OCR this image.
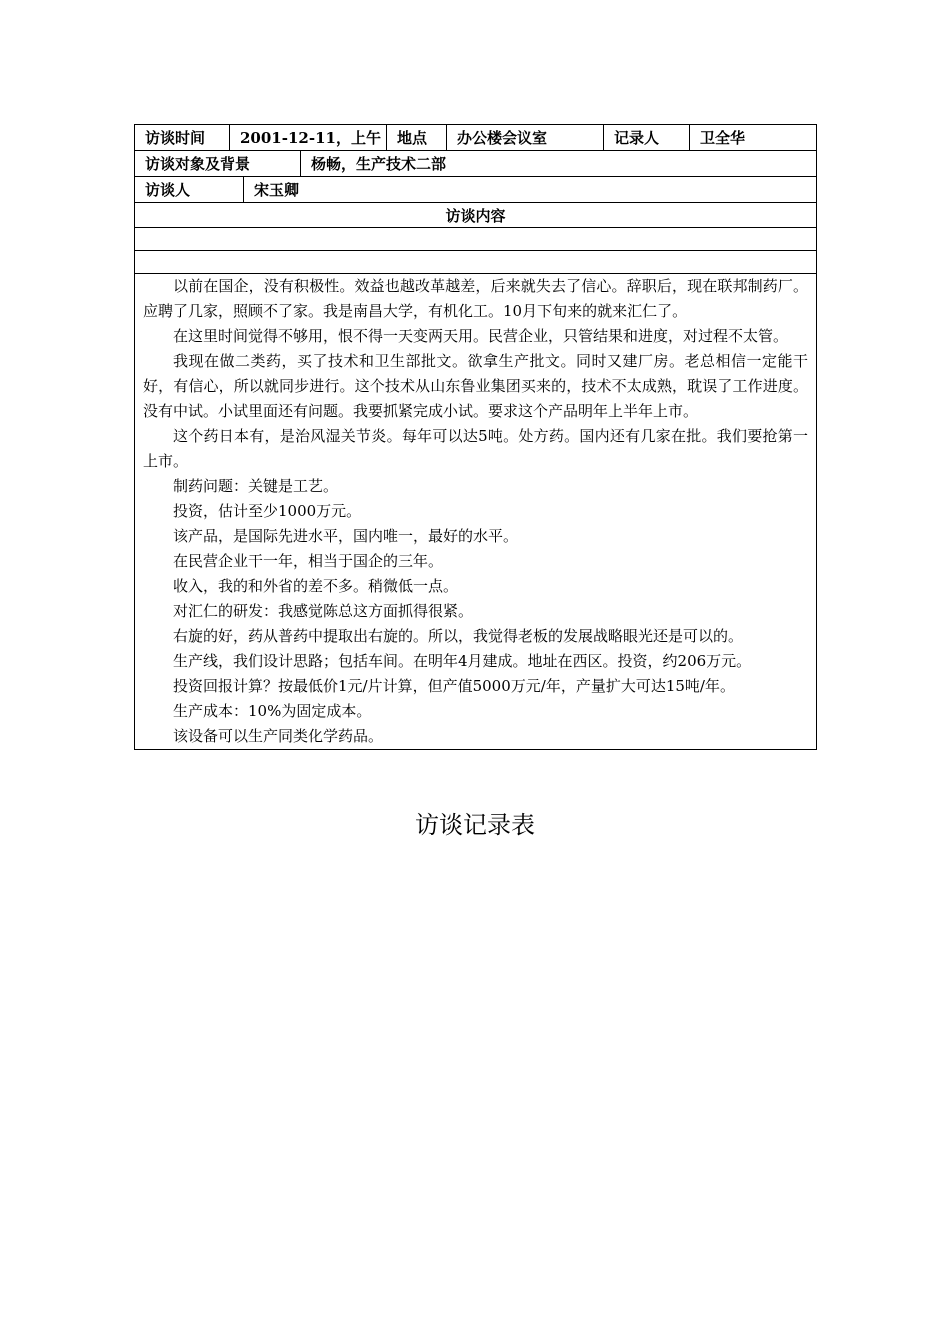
访谈时间	2001-12-11，上午	地点	办公楼会议室	记录人	卫全华
访谈对象及背景	杨畅，生产技术二部
访谈人	宋玉卿
访谈内容

以前在国企，没有积极性。效益也越改革越差，后来就失去了信心。辞职后，现在联邦制药厂。应聘了几家，照顾不了家。我是南昌大学，有机化工。10月下旬来的就来汇仁了。

在这里时间觉得不够用，恨不得一天变两天用。民营企业，只管结果和进度，对过程不太管。

我现在做二类药，买了技术和卫生部批文。欲拿生产批文。同时又建厂房。老总相信一定能干好，有信心，所以就同步进行。这个技术从山东鲁业集团买来的，技术不太成熟，耽误了工作进度。没有中试。小试里面还有问题。我要抓紧完成小试。要求这个产品明年上半年上市。

这个药日本有，是治风湿关节炎。每年可以达5吨。处方药。国内还有几家在批。我们要抢第一上市。

制药问题：关键是工艺。

投资，估计至少1000万元。

该产品，是国际先进水平，国内唯一，最好的水平。

在民营企业干一年，相当于国企的三年。

收入，我的和外省的差不多。稍微低一点。

对汇仁的研发：我感觉陈总这方面抓得很紧。

右旋的好，药从普药中提取出右旋的。所以，我觉得老板的发展战略眼光还是可以的。

生产线，我们设计思路；包括车间。在明年4月建成。地址在西区。投资，约206万元。

投资回报计算？按最低价1元/片计算，但产值5000万元/年，产量扩大可达15吨/年。

生产成本：10%为固定成本。

该设备可以生产同类化学药品。

访谈记录表
